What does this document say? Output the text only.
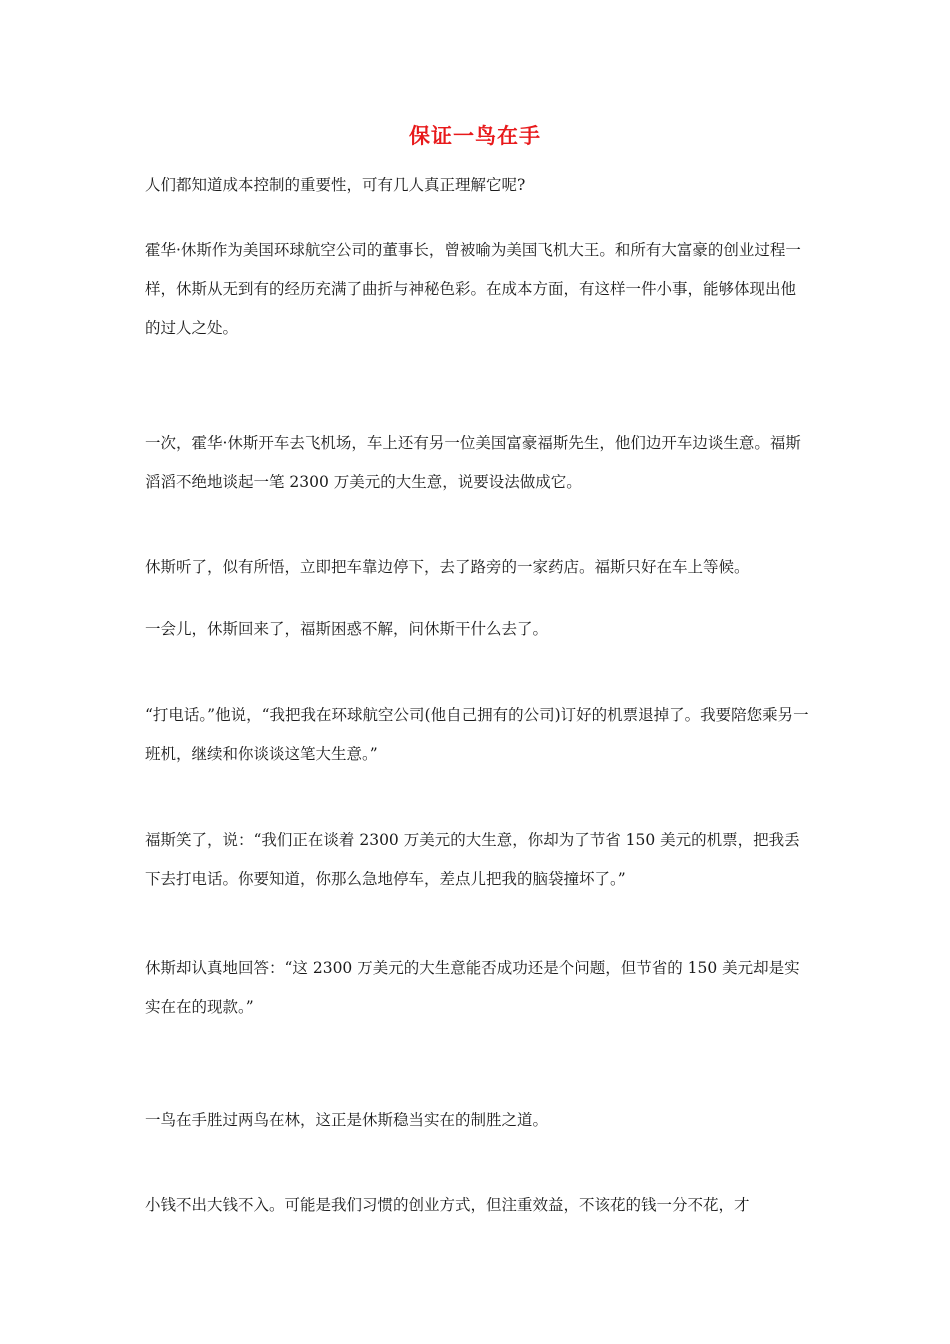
保证一鸟在手

人们都知道成本控制的重要性，可有几人真正理解它呢?

霍华·休斯作为美国环球航空公司的董事长，曾被喻为美国飞机大王。和所有大富豪的创业过程一样，休斯从无到有的经历充满了曲折与神秘色彩。在成本方面，有这样一件小事，能够体现出他的过人之处。

一次，霍华·休斯开车去飞机场，车上还有另一位美国富豪福斯先生，他们边开车边谈生意。福斯滔滔不绝地谈起一笔 2300 万美元的大生意，说要设法做成它。

休斯听了，似有所悟，立即把车靠边停下，去了路旁的一家药店。福斯只好在车上等候。

一会儿，休斯回来了，福斯困惑不解，问休斯干什么去了。

“打电话。”他说，“我把我在环球航空公司(他自己拥有的公司)订好的机票退掉了。我要陪您乘另一班机，继续和你谈谈这笔大生意。”

福斯笑了，说：“我们正在谈着 2300 万美元的大生意，你却为了节省 150 美元的机票，把我丢下去打电话。你要知道，你那么急地停车，差点儿把我的脑袋撞坏了。”

休斯却认真地回答：“这 2300 万美元的大生意能否成功还是个问题，但节省的 150 美元却是实实在在的现款。”

一鸟在手胜过两鸟在林，这正是休斯稳当实在的制胜之道。

小钱不出大钱不入。可能是我们习惯的创业方式，但注重效益，不该花的钱一分不花，才
